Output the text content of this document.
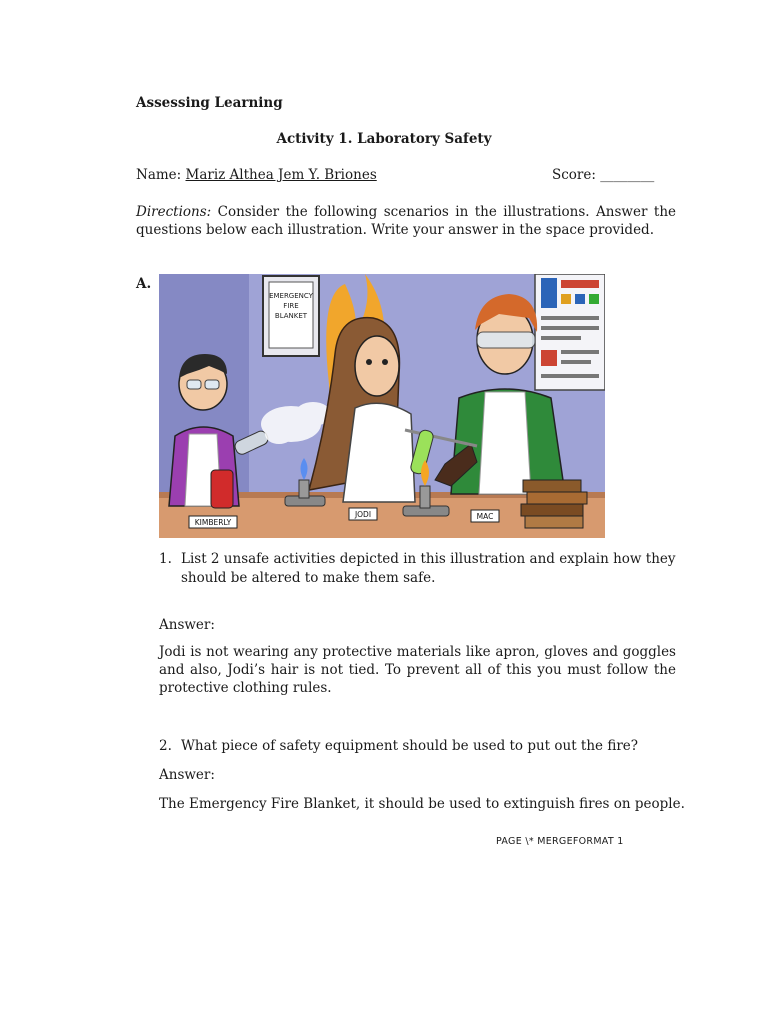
Assessing Learning
Activity 1. Laboratory Safety
Name: Mariz Althea Jem Y. Briones	Score: ________
Directions: Consider the following scenarios in the illustrations. Answer the questions below each illustration. Write your answer in the space provided.
A.
EMERGENCY
FIRE
BLANKET
KIMBERLY
JODI	MAC
1. List 2 unsafe activities depicted in this illustration and explain how they
should be altered to make them safe.
Answer:
Jodi is not wearing any protective materials like apron, gloves and goggles and also, Jodi’s hair is not tied. To prevent all of this you must follow the protective clothing rules.
2. What piece of safety equipment should be used to put out the fire?
Answer:
The Emergency Fire Blanket, it should be used to extinguish fires on people.
PAGE \* MERGEFORMAT 1
